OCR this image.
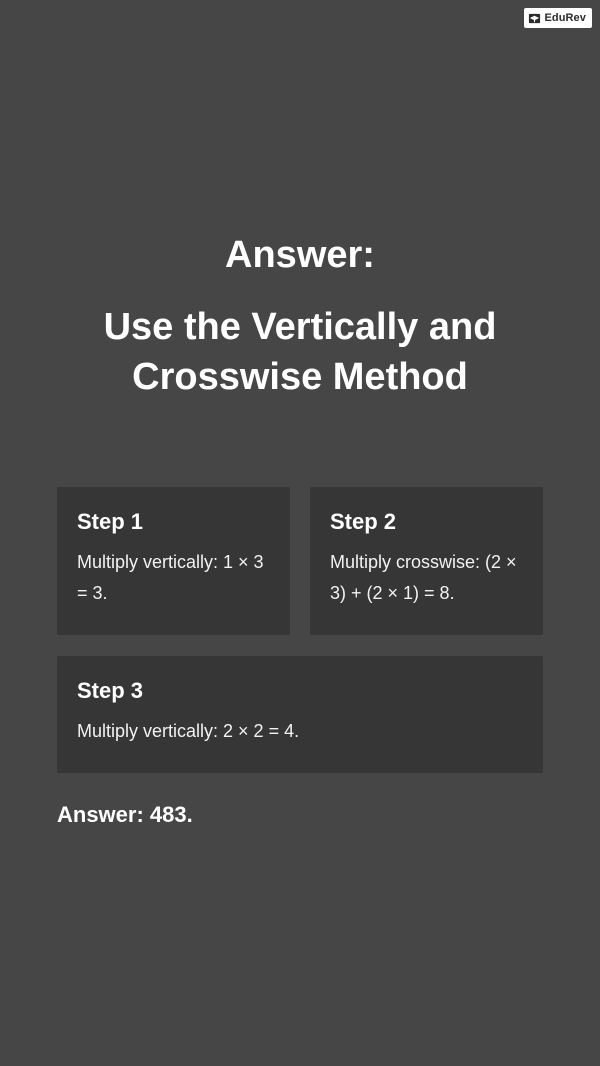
EduRev
Answer:
Use the Vertically and Crosswise Method

Step 1

Multiply vertically: 1 × 3 = 3.

Step 2

Multiply crosswise: (2 × 3) + (2 × 1) = 8.

Step 3

Multiply vertically: 2 × 2 = 4.

Answer: 483.
